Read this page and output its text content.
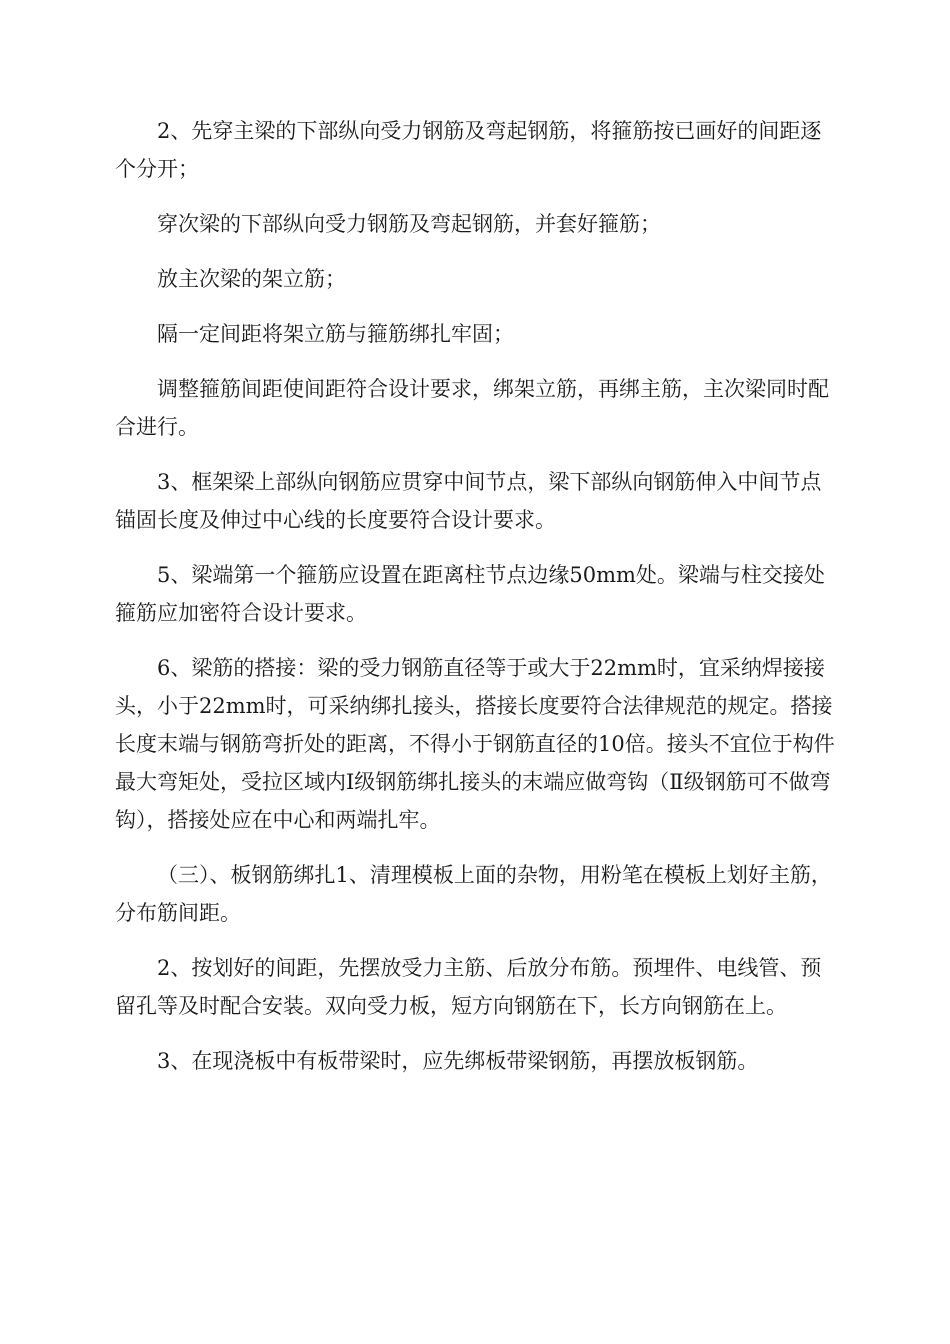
2、先穿主梁的下部纵向受力钢筋及弯起钢筋，将箍筋按已画好的间距逐个分开；

穿次梁的下部纵向受力钢筋及弯起钢筋，并套好箍筋；

放主次梁的架立筋；

隔一定间距将架立筋与箍筋绑扎牢固；

调整箍筋间距使间距符合设计要求，绑架立筋，再绑主筋，主次梁同时配合进行。

3、框架梁上部纵向钢筋应贯穿中间节点，梁下部纵向钢筋伸入中间节点锚固长度及伸过中心线的长度要符合设计要求。

5、梁端第一个箍筋应设置在距离柱节点边缘50mm处。梁端与柱交接处箍筋应加密符合设计要求。

6、梁筋的搭接：梁的受力钢筋直径等于或大于22mm时，宜采纳焊接接头，小于22mm时，可采纳绑扎接头，搭接长度要符合法律规范的规定。搭接长度末端与钢筋弯折处的距离，不得小于钢筋直径的10倍。接头不宜位于构件最大弯矩处，受拉区域内Ⅰ级钢筋绑扎接头的末端应做弯钩（Ⅱ级钢筋可不做弯钩），搭接处应在中心和两端扎牢。

（三）、板钢筋绑扎1、清理模板上面的杂物，用粉笔在模板上划好主筋，分布筋间距。

2、按划好的间距，先摆放受力主筋、后放分布筋。预埋件、电线管、预留孔等及时配合安装。双向受力板，短方向钢筋在下，长方向钢筋在上。

3、在现浇板中有板带梁时，应先绑板带梁钢筋，再摆放板钢筋。
